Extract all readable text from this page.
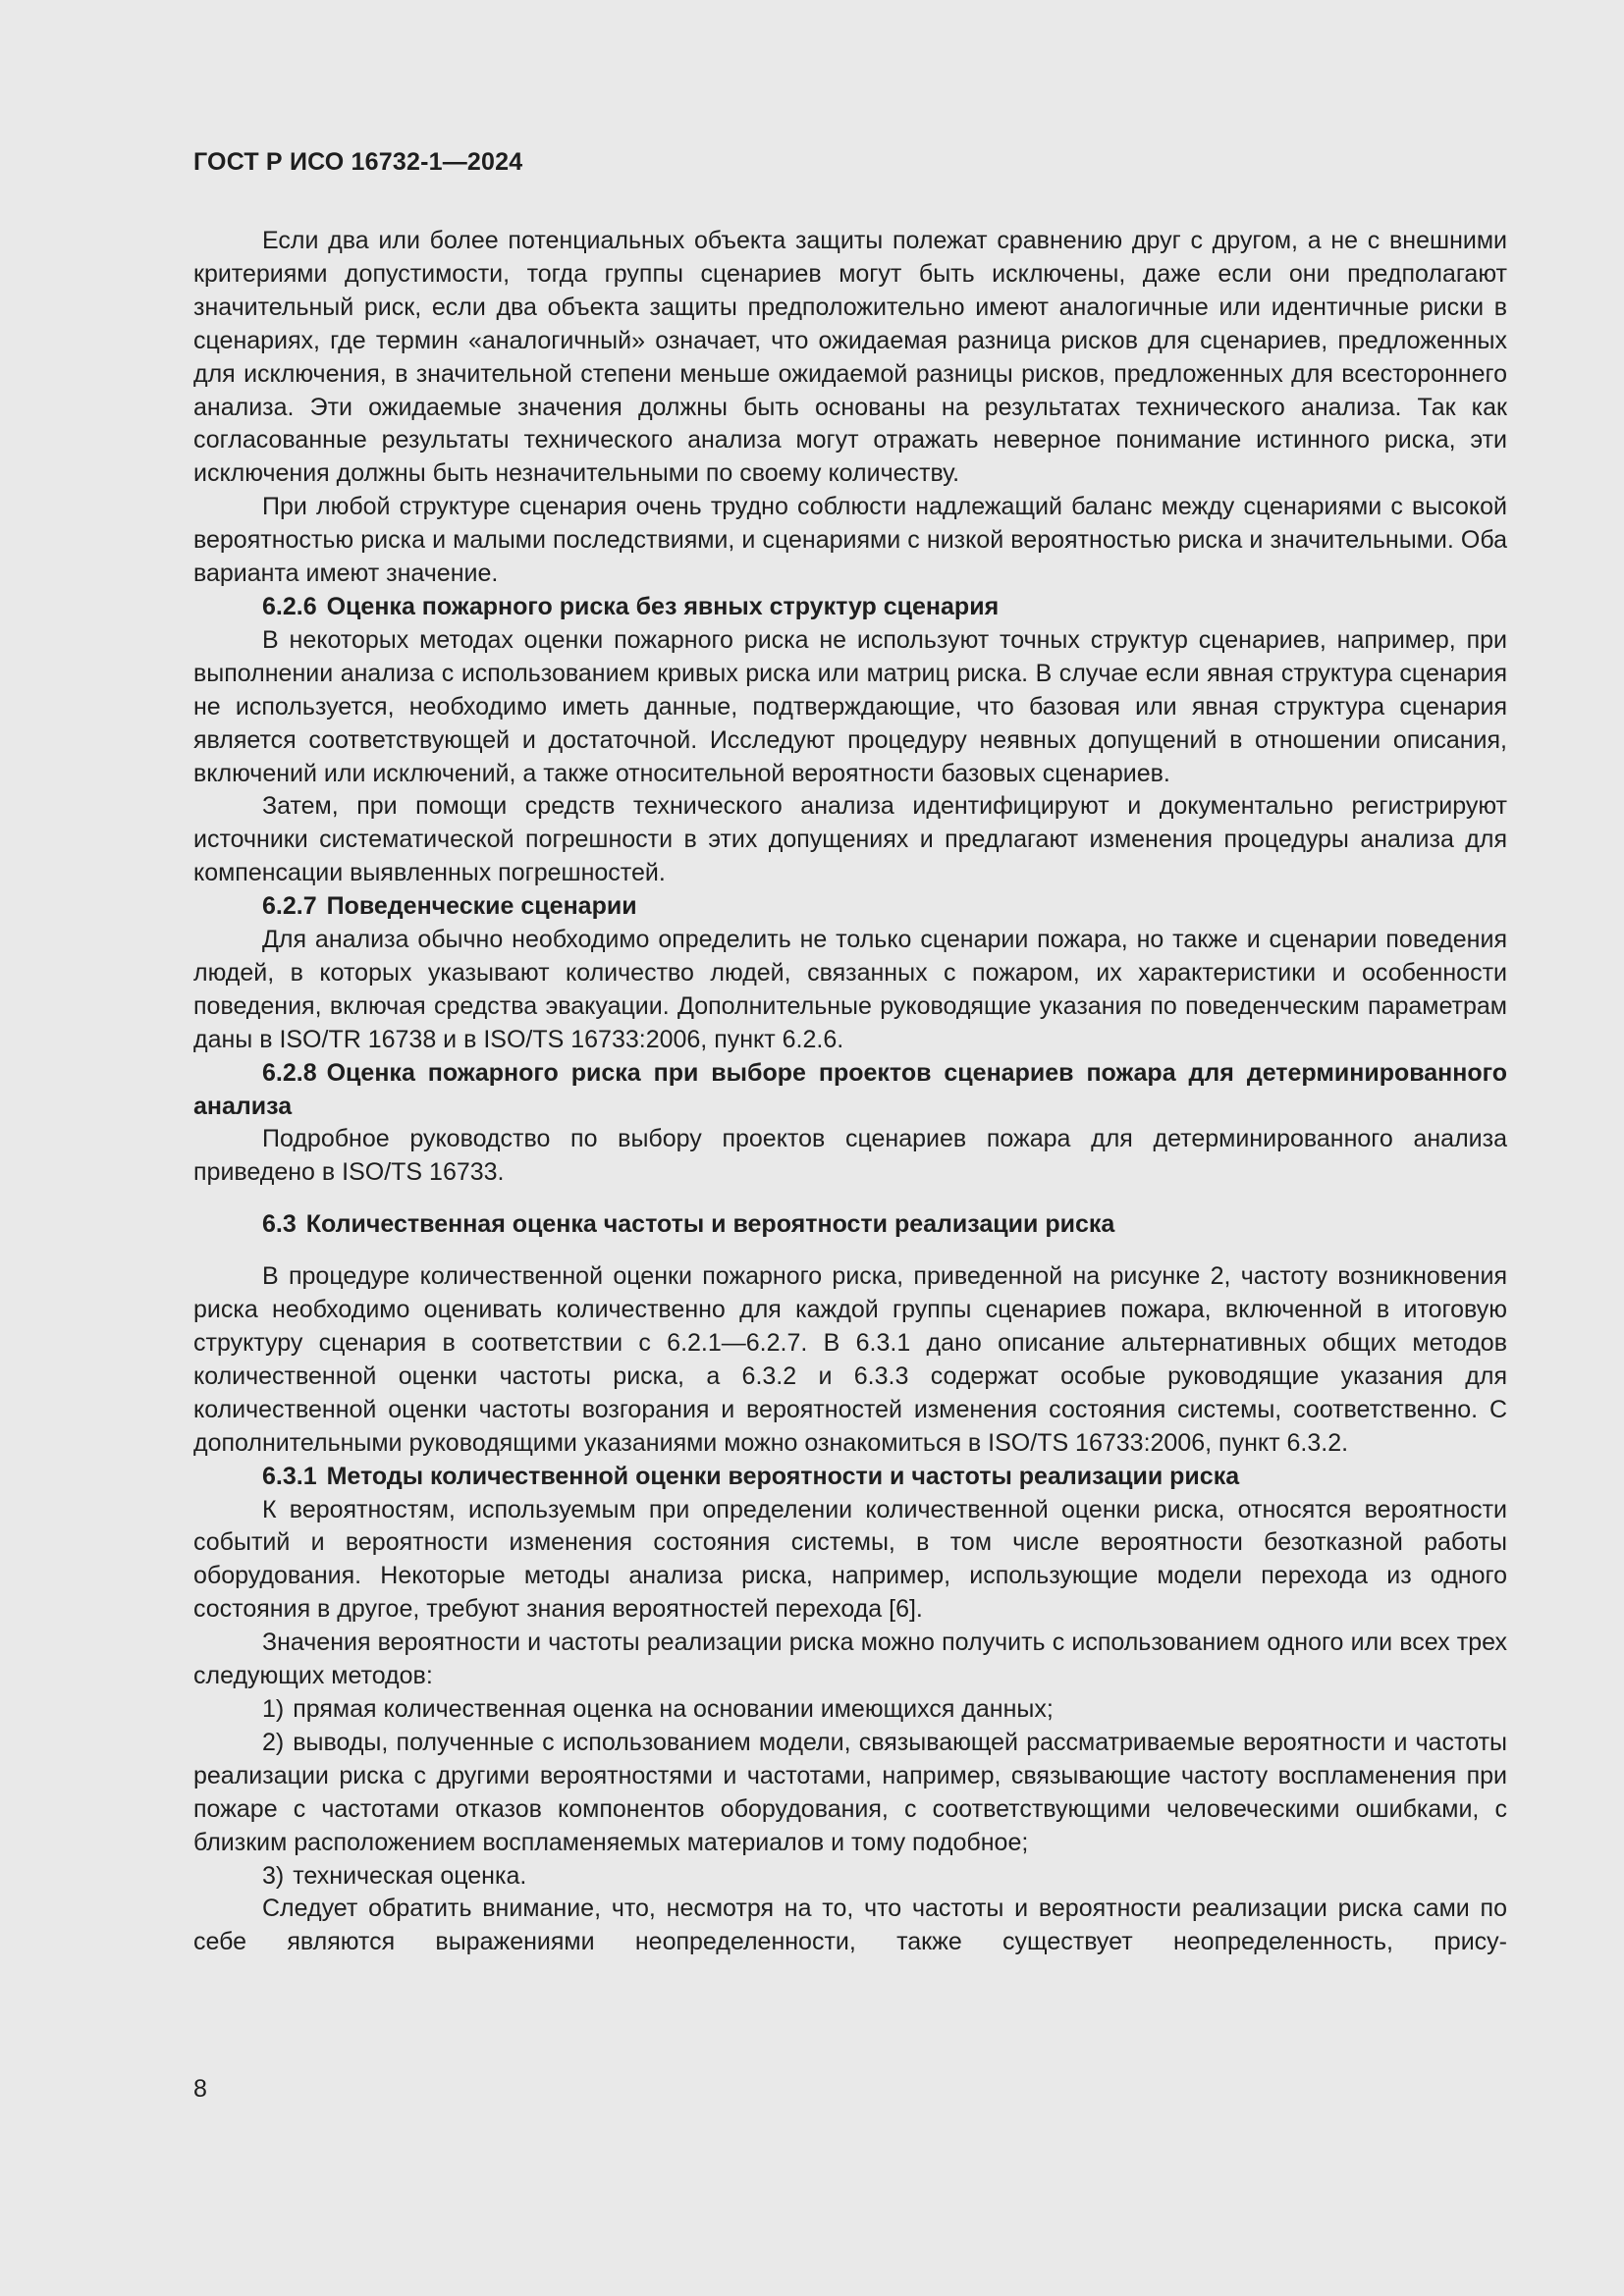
ГОСТ Р ИСО 16732-1—2024

Если два или более потенциальных объекта защиты полежат сравнению друг с другом, а не с внешними критериями допустимости, тогда группы сценариев могут быть исключены, даже если они предполагают значительный риск, если два объекта защиты предположительно имеют аналогичные или идентичные риски в сценариях, где термин «аналогичный» означает, что ожидаемая разница рисков для сценариев, предложенных для исключения, в значительной степени меньше ожидаемой разницы рисков, предложенных для всестороннего анализа. Эти ожидаемые значения должны быть основаны на результатах технического анализа. Так как согласованные результаты технического анализа могут отражать неверное понимание истинного риска, эти исключения должны быть незначительными по своему количеству.

При любой структуре сценария очень трудно соблюсти надлежащий баланс между сценариями с высокой вероятностью риска и малыми последствиями, и сценариями с низкой вероятностью риска и значительными. Оба варианта имеют значение.

6.2.6 Оценка пожарного риска без явных структур сценария

В некоторых методах оценки пожарного риска не используют точных структур сценариев, например, при выполнении анализа с использованием кривых риска или матриц риска. В случае если явная структура сценария не используется, необходимо иметь данные, подтверждающие, что базовая или явная структура сценария является соответствующей и достаточной. Исследуют процедуру неявных допущений в отношении описания, включений или исключений, а также относительной вероятности базовых сценариев.

Затем, при помощи средств технического анализа идентифицируют и документально регистрируют источники систематической погрешности в этих допущениях и предлагают изменения процедуры анализа для компенсации выявленных погрешностей.

6.2.7 Поведенческие сценарии

Для анализа обычно необходимо определить не только сценарии пожара, но также и сценарии поведения людей, в которых указывают количество людей, связанных с пожаром, их характеристики и особенности поведения, включая средства эвакуации. Дополнительные руководящие указания по поведенческим параметрам даны в ISO/TR 16738 и в ISO/TS 16733:2006, пункт 6.2.6.

6.2.8 Оценка пожарного риска при выборе проектов сценариев пожара для детерминированного анализа

Подробное руководство по выбору проектов сценариев пожара для детерминированного анализа приведено в ISO/TS 16733.

6.3 Количественная оценка частоты и вероятности реализации риска

В процедуре количественной оценки пожарного риска, приведенной на рисунке 2, частоту возникновения риска необходимо оценивать количественно для каждой группы сценариев пожара, включенной в итоговую структуру сценария в соответствии с 6.2.1—6.2.7. В 6.3.1 дано описание альтернативных общих методов количественной оценки частоты риска, а 6.3.2 и 6.3.3 содержат особые руководящие указания для количественной оценки частоты возгорания и вероятностей изменения состояния системы, соответственно. С дополнительными руководящими указаниями можно ознакомиться в ISO/TS 16733:2006, пункт 6.3.2.

6.3.1 Методы количественной оценки вероятности и частоты реализации риска

К вероятностям, используемым при определении количественной оценки риска, относятся вероятности событий и вероятности изменения состояния системы, в том числе вероятности безотказной работы оборудования. Некоторые методы анализа риска, например, использующие модели перехода из одного состояния в другое, требуют знания вероятностей перехода [6].

Значения вероятности и частоты реализации риска можно получить с использованием одного или всех трех следующих методов:

1) прямая количественная оценка на основании имеющихся данных;

2) выводы, полученные с использованием модели, связывающей рассматриваемые вероятности и частоты реализации риска с другими вероятностями и частотами, например, связывающие частоту воспламенения при пожаре с частотами отказов компонентов оборудования, с соответствующими человеческими ошибками, с близким расположением воспламеняемых материалов и тому подобное;

3) техническая оценка.

Следует обратить внимание, что, несмотря на то, что частоты и вероятности реализации риска сами по себе являются выражениями неопределенности, также существует неопределенность, прису-

8
